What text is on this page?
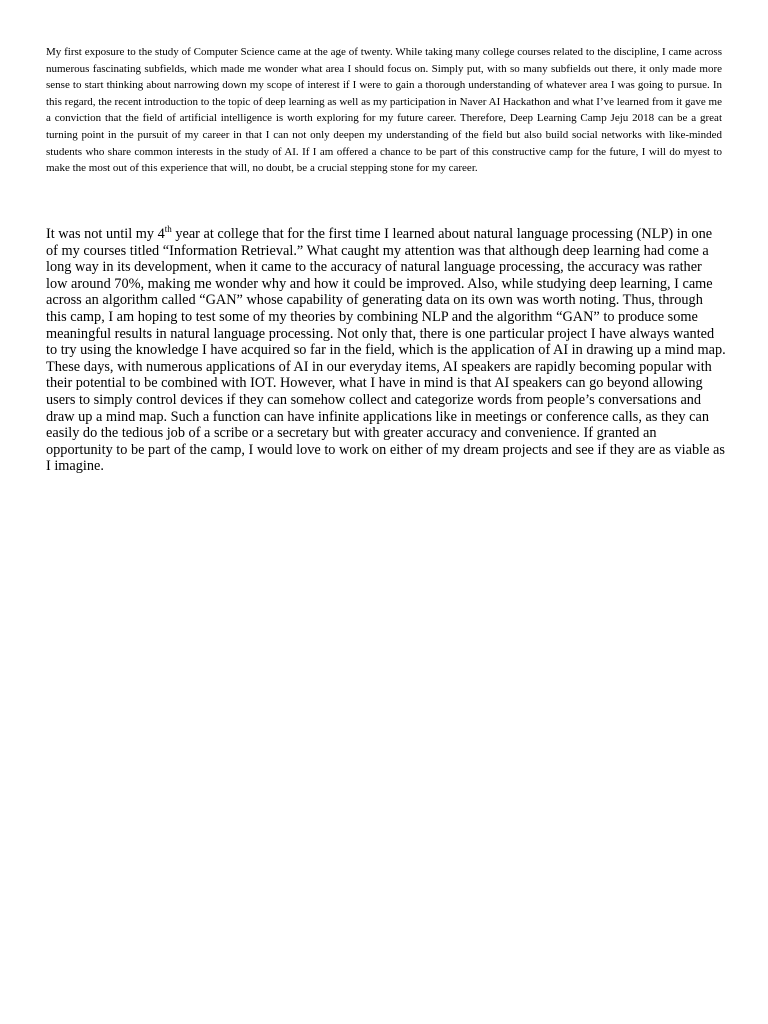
My first exposure to the study of Computer Science came at the age of twenty. While taking many college courses related to the discipline, I came across numerous fascinating subfields, which made me wonder what area I should focus on. Simply put, with so many subfields out there, it only made more sense to start thinking about narrowing down my scope of interest if I were to gain a thorough understanding of whatever area I was going to pursue. In this regard, the recent introduction to the topic of deep learning as well as my participation in Naver AI Hackathon and what I’ve learned from it gave me a conviction that the field of artificial intelligence is worth exploring for my future career. Therefore, Deep Learning Camp Jeju 2018 can be a great turning point in the pursuit of my career in that I can not only deepen my understanding of the field but also build social networks with like-minded students who share common interests in the study of AI. If I am offered a chance to be part of this constructive camp for the future, I will do myest to make the most out of this experience that will, no doubt, be a crucial stepping stone for my career.

It was not until my 4th year at college that for the first time I learned about natural language processing (NLP) in one of my courses titled “Information Retrieval.” What caught my attention was that although deep learning had come a long way in its development, when it came to the accuracy of natural language processing, the accuracy was rather low around 70%, making me wonder why and how it could be improved. Also, while studying deep learning, I came across an algorithm called “GAN” whose capability of generating data on its own was worth noting. Thus, through this camp, I am hoping to test some of my theories by combining NLP and the algorithm “GAN” to produce some meaningful results in natural language processing. Not only that, there is one particular project I have always wanted to try using the knowledge I have acquired so far in the field, which is the application of AI in drawing up a mind map. These days, with numerous applications of AI in our everyday items, AI speakers are rapidly becoming popular with their potential to be combined with IOT. However, what I have in mind is that AI speakers can go beyond allowing users to simply control devices if they can somehow collect and categorize words from people’s conversations and draw up a mind map. Such a function can have infinite applications like in meetings or conference calls, as they can easily do the tedious job of a scribe or a secretary but with greater accuracy and convenience. If granted an opportunity to be part of the camp, I would love to work on either of my dream projects and see if they are as viable as I imagine.
